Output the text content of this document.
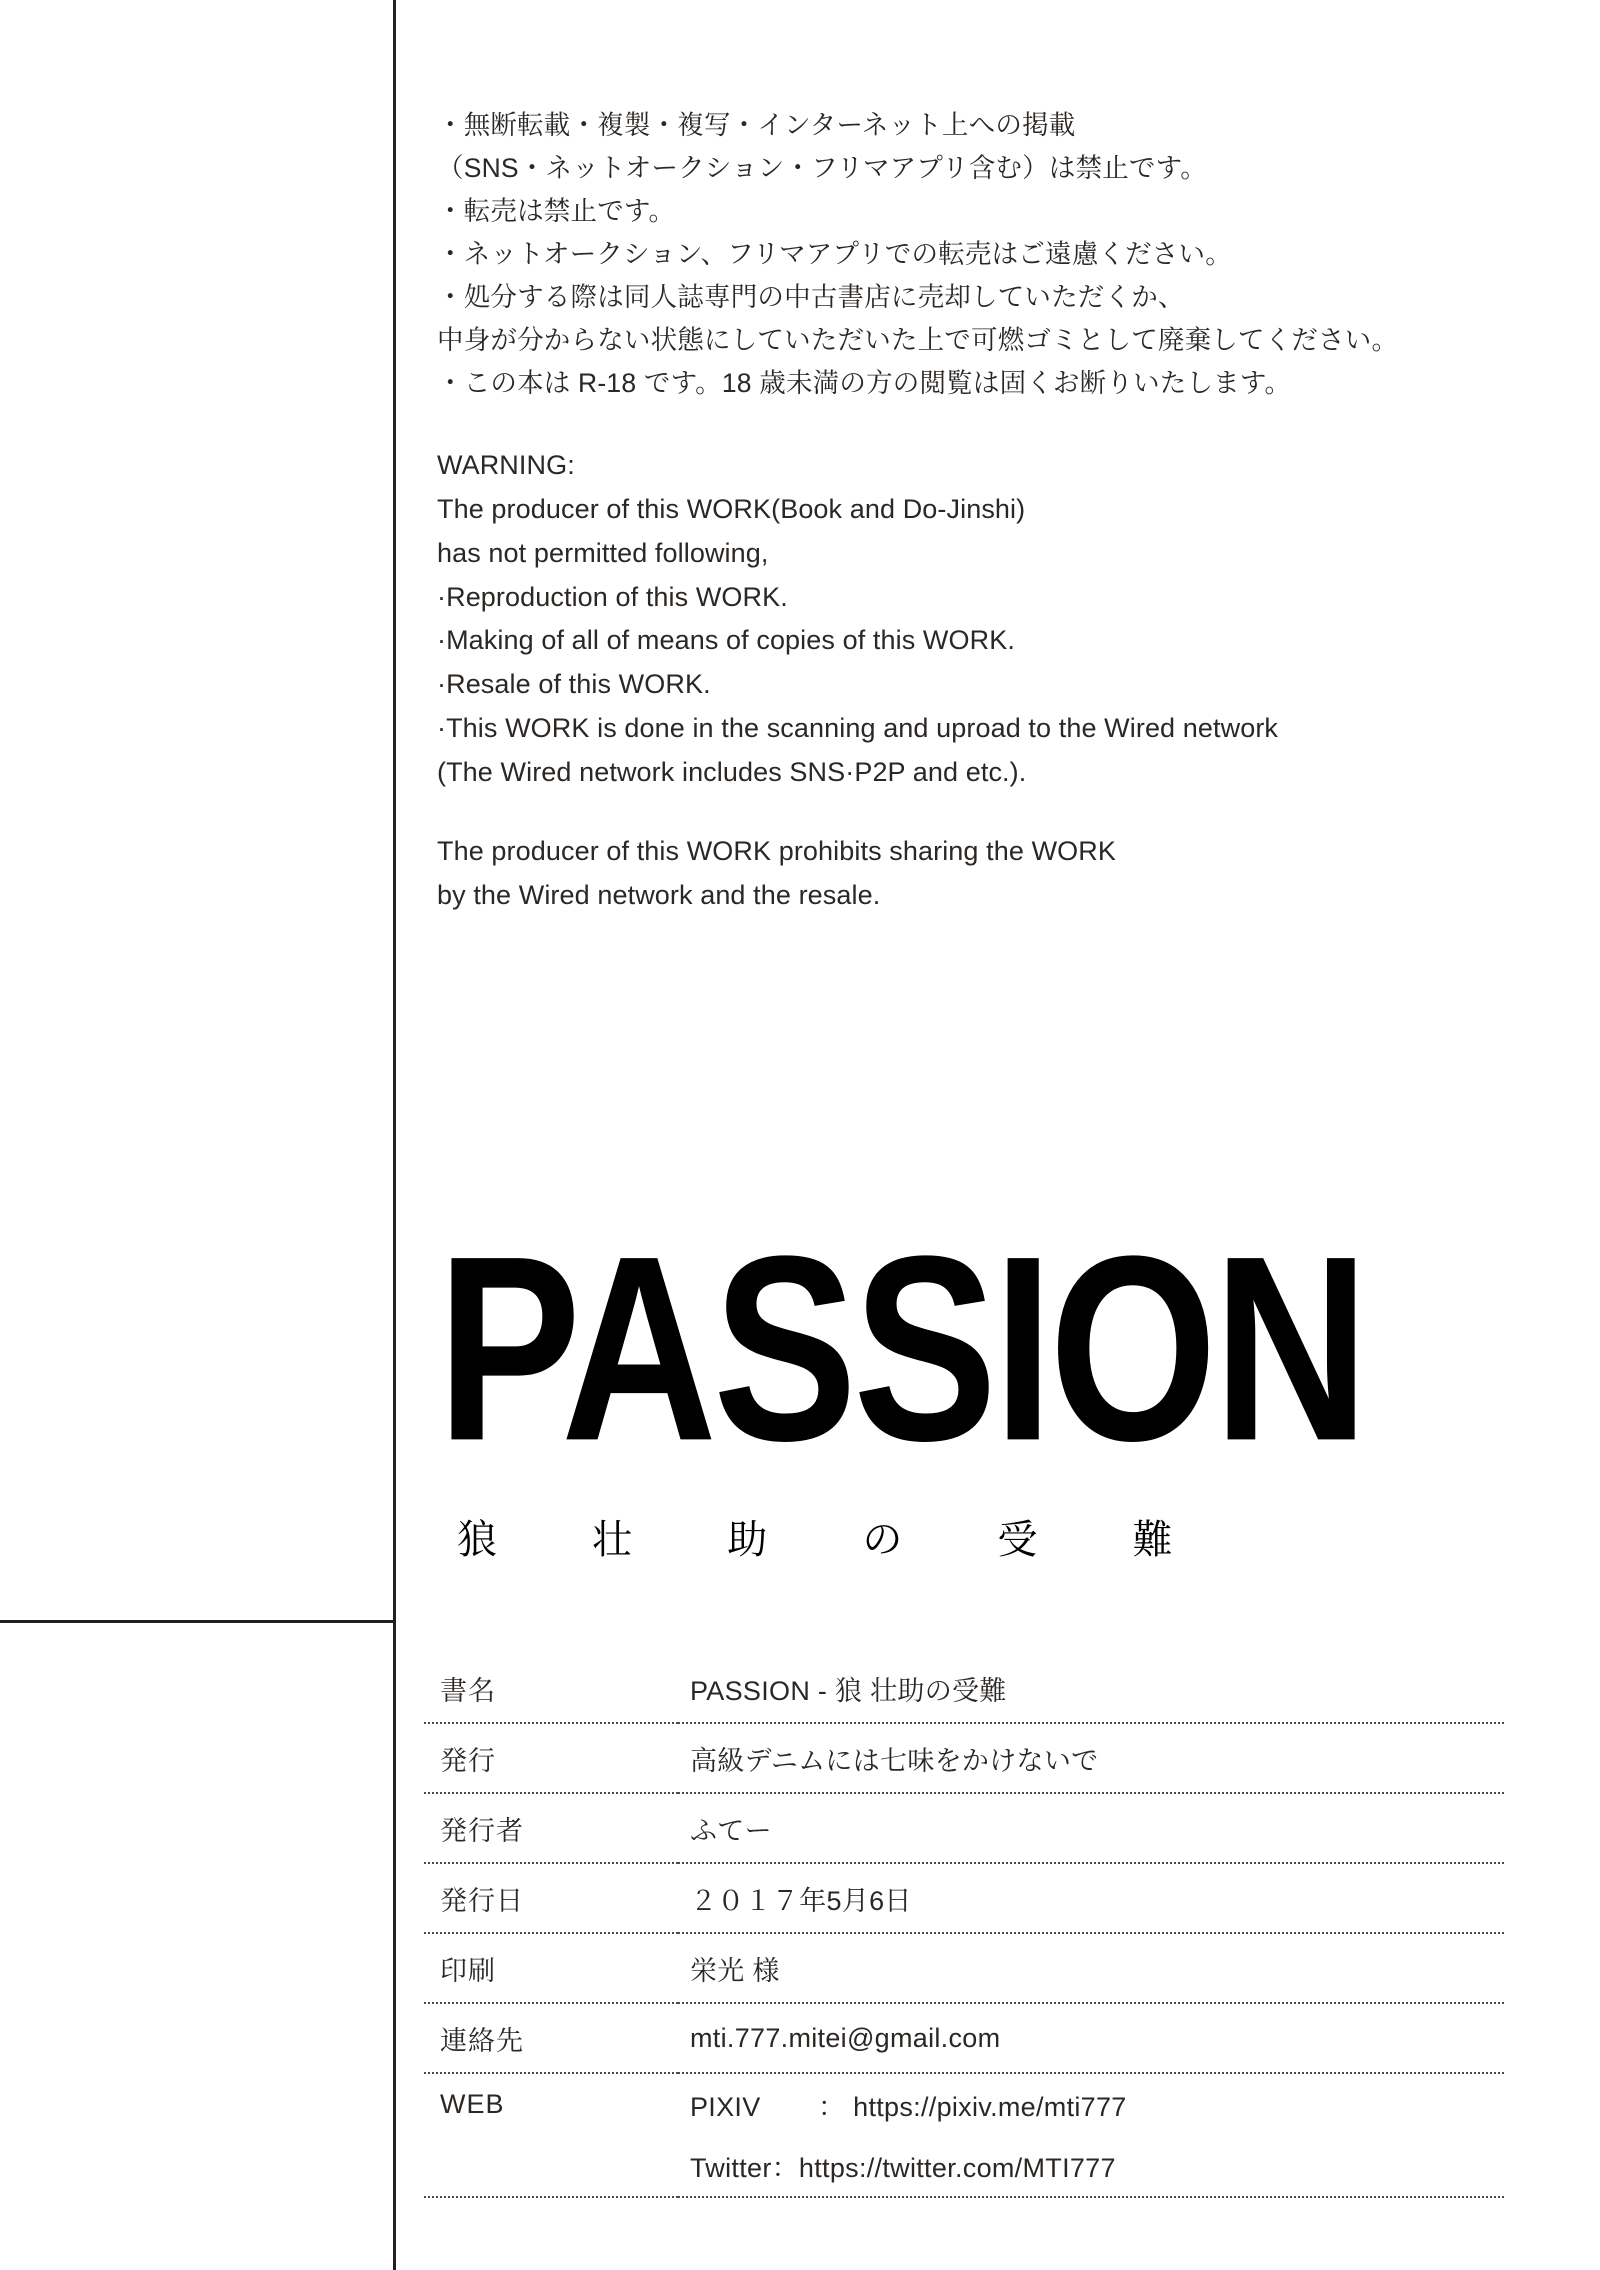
・無断転載・複製・複写・インターネット上への掲載

（SNS・ネットオークション・フリマアプリ含む）は禁止です。

・転売は禁止です。

・ネットオークション、フリマアプリでの転売はご遠慮ください。

・処分する際は同人誌専門の中古書店に売却していただくか、

中身が分からない状態にしていただいた上で可燃ゴミとして廃棄してください。

・この本は R-18 です。18 歳未満の方の閲覧は固くお断りいたします。

WARNING:

The producer of this WORK(Book and Do-Jinshi)

has not permitted following,

·Reproduction of this WORK.

·Making of all of means of copies of this WORK.

·Resale of this WORK.

·This WORK is done in the scanning and uproad to the Wired network

(The Wired network includes SNS·P2P and etc.).

The producer of this WORK prohibits sharing the WORK

by the Wired network and the resale.

PASSION
狼 壮 助 の 受 難
書名	PASSION - 狼 壮助の受難
発行	高級デニムには七味をかけないで
発行者	ふてー
発行日	２０１７年5月6日
印刷	栄光 様
連絡先	mti.777.mitei@gmail.com
WEB	PIXIV ： https://pixiv.me/mti777
	Twitter：https://twitter.com/MTI777
